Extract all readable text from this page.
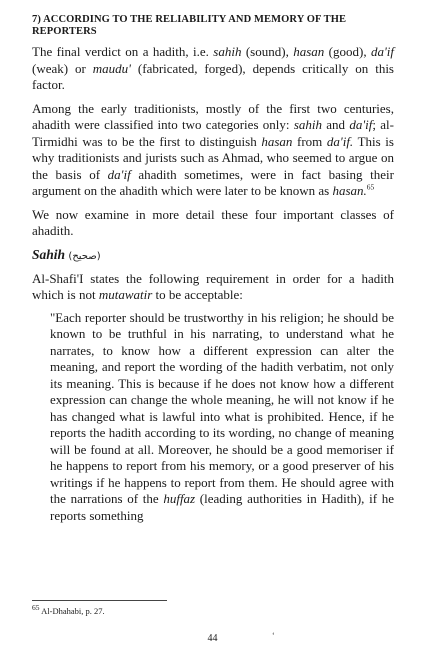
7) ACCORDING TO THE RELIABILITY AND MEMORY OF THE REPORTERS

The final verdict on a hadith, i.e. sahih (sound), hasan (good), da'if (weak) or maudu' (fabricated, forged), depends critically on this factor.

Among the early traditionists, mostly of the first two centuries, ahadith were classified into two categories only: sahih and da'if; al-Tirmidhi was to be the first to distinguish hasan from da'if. This is why traditionists and jurists such as Ahmad, who seemed to argue on the basis of da'if ahadith sometimes, were in fact basing their argument on the ahadith which were later to be known as hasan.$^{65}$

We now examine in more detail these four important classes of ahadith.

Sahih (صحيح)

Al-Shafi'I states the following requirement in order for a hadith which is not mutawatir to be acceptable:

"Each reporter should be trustworthy in his religion; he should be known to be truthful in his narrating, to understand what he narrates, to know how a different expression can alter the meaning, and report the wording of the hadith verbatim, not only its meaning. This is because if he does not know how a different expression can change the whole meaning, he will not know if he has changed what is lawful into what is prohibited. Hence, if he reports the hadith according to its wording, no change of meaning will be found at all. Moreover, he should be a good memoriser if he happens to report from his memory, or a good preserver of his writings if he happens to report from them. He should agree with the narrations of the huffaz (leading authorities in Hadith), if he reports something

$^{65}$ Al-Dhahabi, p. 27.
‘
44
